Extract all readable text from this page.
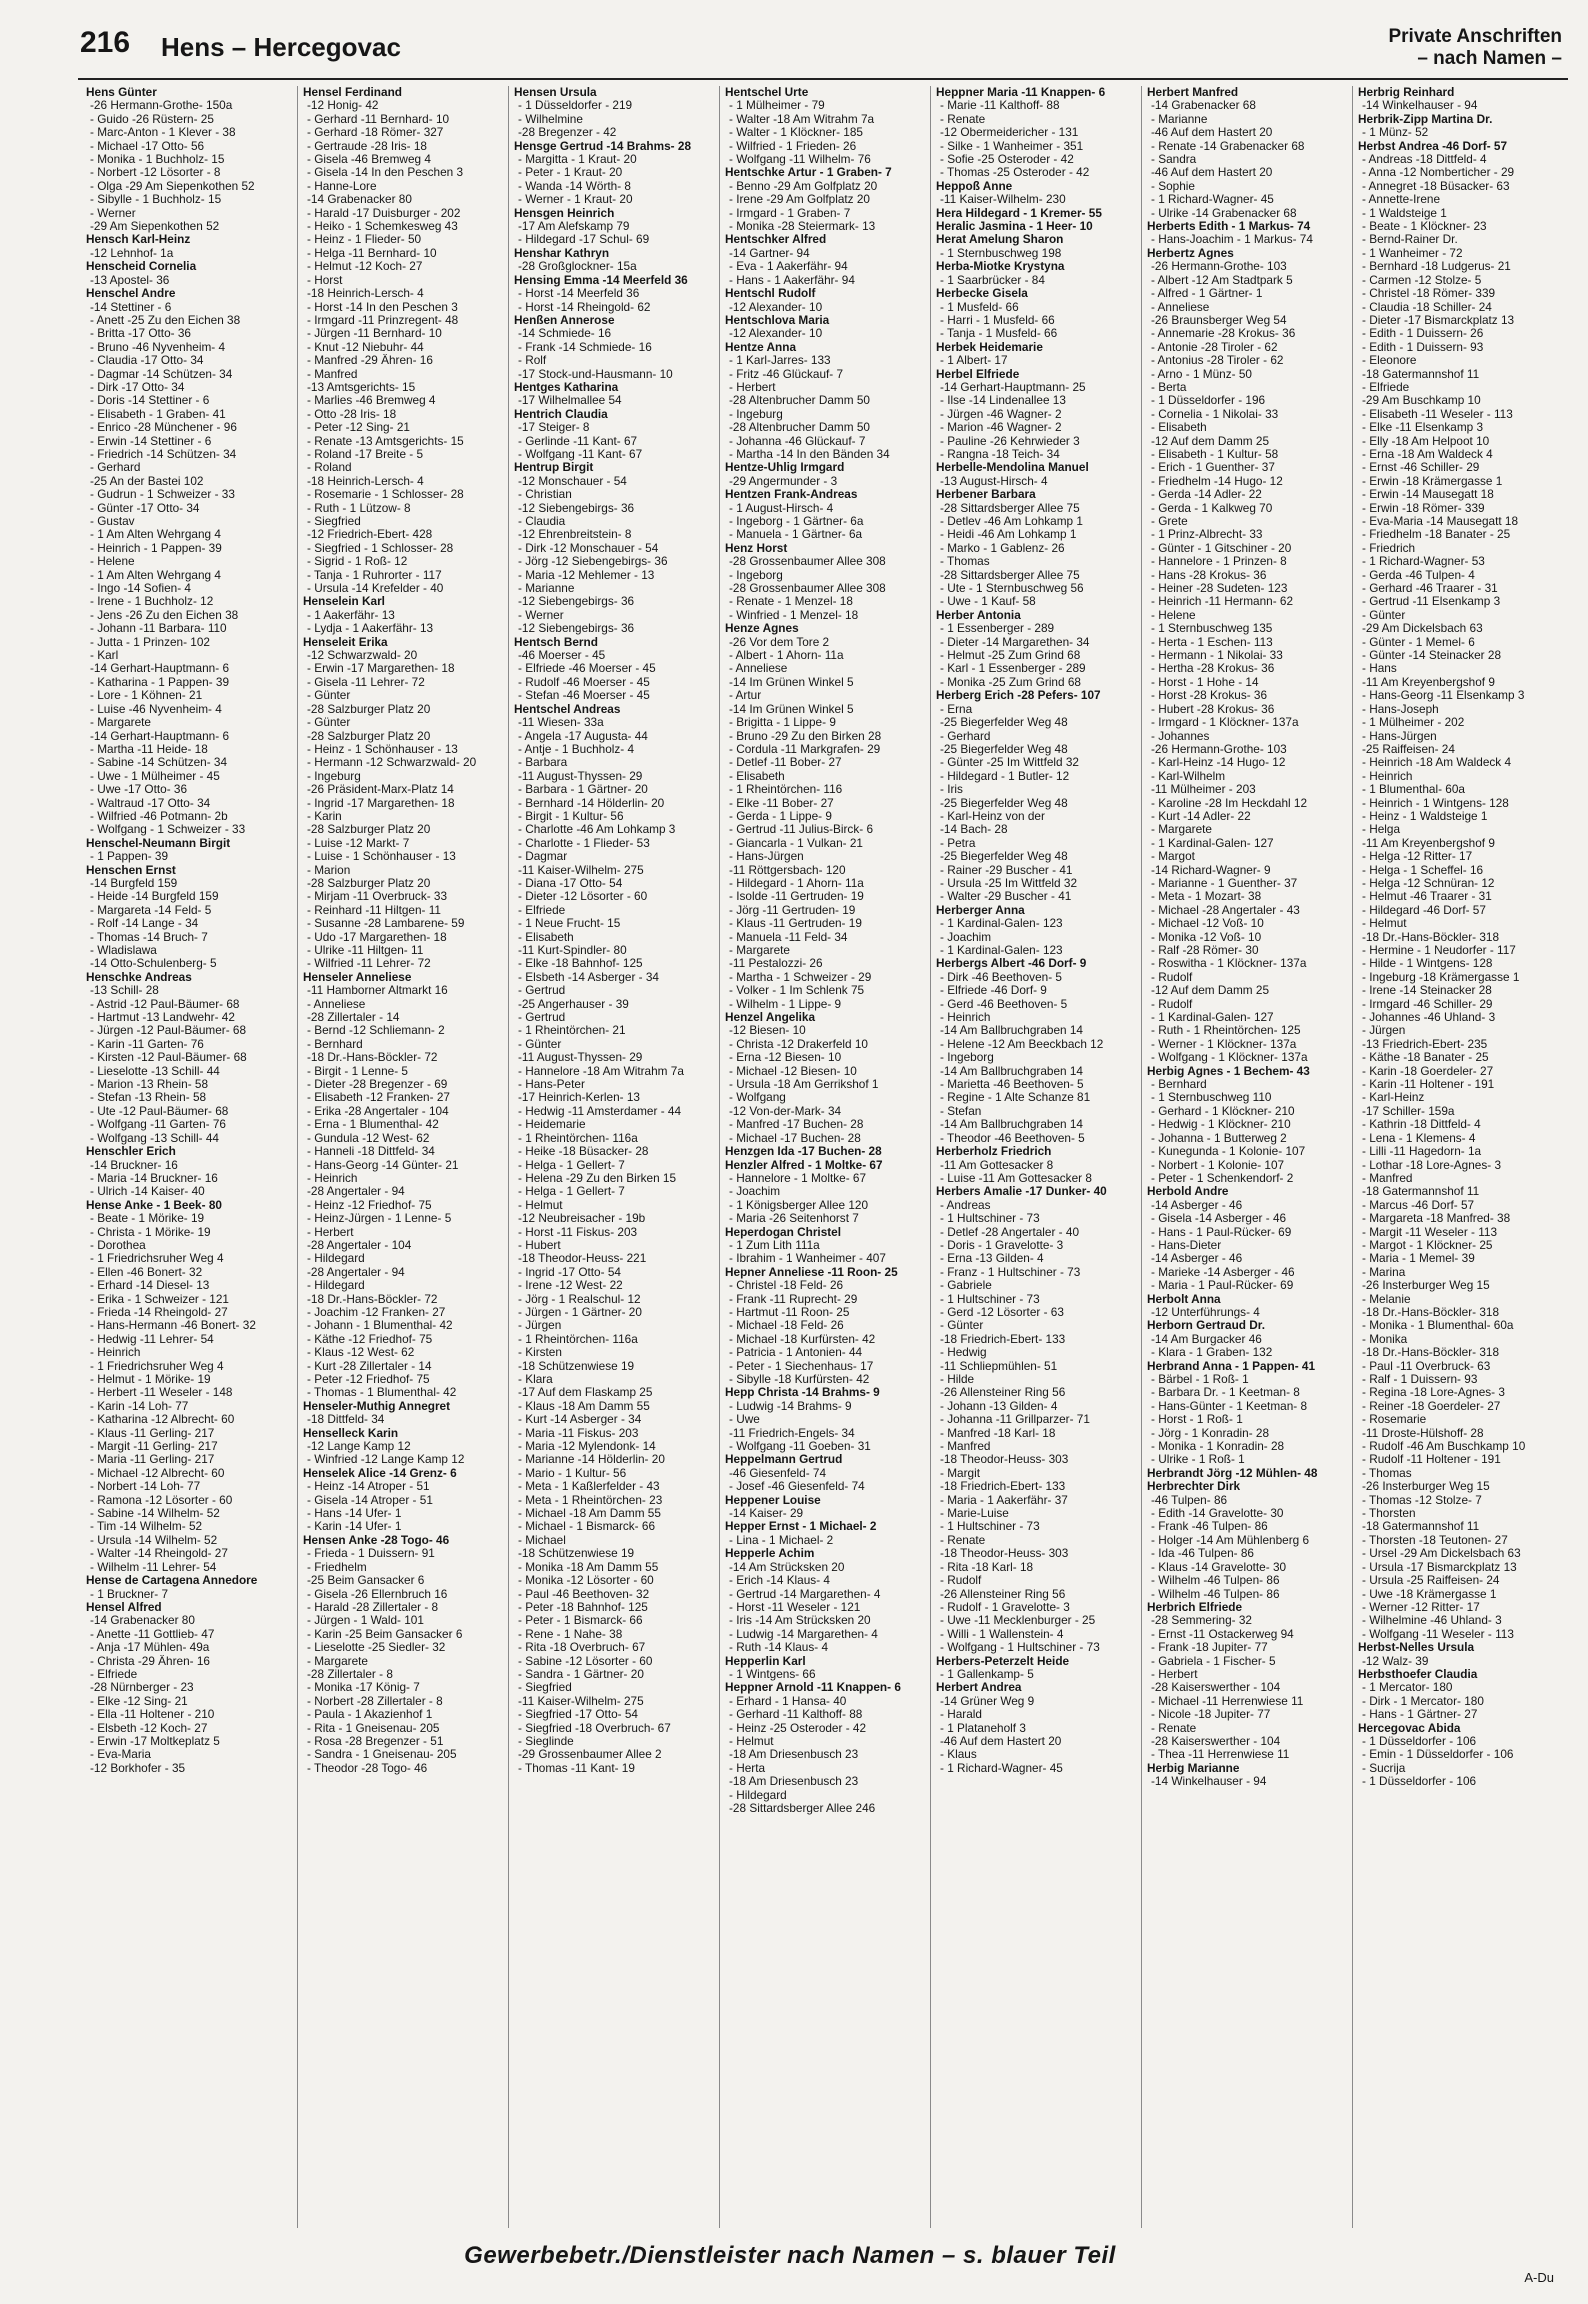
216 Hens – Hercegovac	Private Anschriften
– nach Namen –
Hens Günter
-26 Hermann-Grothe- 150a
- Guido -26 Rüstern- 25
- Marc-Anton - 1 Klever - 38
- Michael -17 Otto- 56
- Monika - 1 Buchholz- 15
- Norbert -12 Lösorter - 8
- Olga -29 Am Siepenkothen 52
- Sibylle - 1 Buchholz- 15
- Werner
-29 Am Siepenkothen 52
Hensch Karl-Heinz
-12 Lehnhof- 1a
Henscheid Cornelia
-13 Apostel- 36
Henschel Andre
-14 Stettiner - 6
- Anett -25 Zu den Eichen 38
- Britta -17 Otto- 36
- Bruno -46 Nyvenheim- 4
- Claudia -17 Otto- 34
- Dagmar -14 Schützen- 34
- Dirk -17 Otto- 34
- Doris -14 Stettiner - 6
- Elisabeth - 1 Graben- 41
- Enrico -28 Münchener - 96
- Erwin -14 Stettiner - 6
- Friedrich -14 Schützen- 34
- Gerhard
-25 An der Bastei 102
- Gudrun - 1 Schweizer - 33
- Günter -17 Otto- 34
- Gustav
- 1 Am Alten Wehrgang 4
- Heinrich - 1 Pappen- 39
- Helene
- 1 Am Alten Wehrgang 4
- Ingo -14 Sofien- 4
- Irene - 1 Buchholz- 12
- Jens -26 Zu den Eichen 38
- Johann -11 Barbara- 110
- Jutta - 1 Prinzen- 102
- Karl
-14 Gerhart-Hauptmann- 6
- Katharina - 1 Pappen- 39
- Lore - 1 Köhnen- 21
- Luise -46 Nyvenheim- 4
- Margarete
-14 Gerhart-Hauptmann- 6
- Martha -11 Heide- 18
- Sabine -14 Schützen- 34
- Uwe - 1 Mülheimer - 45
- Uwe -17 Otto- 36
- Waltraud -17 Otto- 34
- Wilfried -46 Potmann- 2b
- Wolfgang - 1 Schweizer - 33
Henschel-Neumann Birgit
- 1 Pappen- 39
Henschen Ernst
-14 Burgfeld 159
- Heide -14 Burgfeld 159
- Margareta -14 Feld- 5
- Rolf -14 Lange - 34
- Thomas -14 Bruch- 7
- Wladislawa
-14 Otto-Schulenberg- 5
Henschke Andreas
-13 Schill- 28
- Astrid -12 Paul-Bäumer- 68
- Hartmut -13 Landwehr- 42
- Jürgen -12 Paul-Bäumer- 68
- Karin -11 Garten- 76
- Kirsten -12 Paul-Bäumer- 68
- Lieselotte -13 Schill- 44
- Marion -13 Rhein- 58
- Stefan -13 Rhein- 58
- Ute -12 Paul-Bäumer- 68
- Wolfgang -11 Garten- 76
- Wolfgang -13 Schill- 44
Henschler Erich
-14 Bruckner- 16
- Maria -14 Bruckner- 16
- Ulrich -14 Kaiser- 40
Hense Anke - 1 Beek- 80
- Beate - 1 Mörike- 19
- Christa - 1 Mörike- 19
- Dorothea
- 1 Friedrichsruher Weg 4
- Ellen -46 Bonert- 32
- Erhard -14 Diesel- 13
- Erika - 1 Schweizer - 121
- Frieda -14 Rheingold- 27
- Hans-Hermann -46 Bonert- 32
- Hedwig -11 Lehrer- 54
- Heinrich
- 1 Friedrichsruher Weg 4
- Helmut - 1 Mörike- 19
- Herbert -11 Weseler - 148
- Karin -14 Loh- 77
- Katharina -12 Albrecht- 60
- Klaus -11 Gerling- 217
- Margit -11 Gerling- 217
- Maria -11 Gerling- 217
- Michael -12 Albrecht- 60
- Norbert -14 Loh- 77
- Ramona -12 Lösorter - 60
- Sabine -14 Wilhelm- 52
- Tim -14 Wilhelm- 52
- Ursula -14 Wilhelm- 52
- Walter -14 Rheingold- 27
- Wilhelm -11 Lehrer- 54
Hense de Cartagena Annedore
- 1 Bruckner- 7
Hensel Alfred
-14 Grabenacker 80
- Anette -11 Gottlieb- 47
- Anja -17 Mühlen- 49a
- Christa -29 Ähren- 16
- Elfriede
-28 Nürnberger - 23
- Elke -12 Sing- 21
- Ella -11 Holtener - 210
- Elsbeth -12 Koch- 27
- Erwin -17 Moltkeplatz 5
- Eva-Maria
-12 Borkhofer - 35
Hensel Ferdinand
-12 Honig- 42
- Gerhard -11 Bernhard- 10
- Gerhard -18 Römer- 327
- Gertraude -28 Iris- 18
- Gisela -46 Bremweg 4
- Gisela -14 In den Peschen 3
- Hanne-Lore
-14 Grabenacker 80
- Harald -17 Duisburger - 202
- Heiko - 1 Schemkesweg 43
- Heinz - 1 Flieder- 50
- Helga -11 Bernhard- 10
- Helmut -12 Koch- 27
- Horst
-18 Heinrich-Lersch- 4
- Horst -14 In den Peschen 3
- Irmgard -11 Prinzregent- 48
- Jürgen -11 Bernhard- 10
- Knut -12 Niebuhr- 44
- Manfred -29 Ähren- 16
- Manfred
-13 Amtsgerichts- 15
- Marlies -46 Bremweg 4
- Otto -28 Iris- 18
- Peter -12 Sing- 21
- Renate -13 Amtsgerichts- 15
- Roland -17 Breite - 5
- Roland
-18 Heinrich-Lersch- 4
- Rosemarie - 1 Schlosser- 28
- Ruth - 1 Lützow- 8
- Siegfried
-12 Friedrich-Ebert- 428
- Siegfried - 1 Schlosser- 28
- Sigrid - 1 Roß- 12
- Tanja - 1 Ruhrorter - 117
- Ursula -14 Krefelder - 40
Henselein Karl
- 1 Aakerfähr- 13
- Lydja - 1 Aakerfähr- 13
Henseleit Erika
-12 Schwarzwald- 20
- Erwin -17 Margarethen- 18
- Gisela -11 Lehrer- 72
- Günter
-28 Salzburger Platz 20
- Günter
-28 Salzburger Platz 20
- Heinz - 1 Schönhauser - 13
- Hermann -12 Schwarzwald- 20
- Ingeburg
-26 Präsident-Marx-Platz 14
- Ingrid -17 Margarethen- 18
- Karin
-28 Salzburger Platz 20
- Luise -12 Markt- 7
- Luise - 1 Schönhauser - 13
- Marion
-28 Salzburger Platz 20
- Mirjam -11 Overbruck- 33
- Reinhard -11 Hiltgen- 11
- Susanne -28 Lambarene- 59
- Udo -17 Margarethen- 18
- Ulrike -11 Hiltgen- 11
- Wilfried -11 Lehrer- 72
Henseler Anneliese
-11 Hamborner Altmarkt 16
- Anneliese
-28 Zillertaler - 14
- Bernd -12 Schliemann- 2
- Bernhard
-18 Dr.-Hans-Böckler- 72
- Birgit - 1 Lenne- 5
- Dieter -28 Bregenzer - 69
- Elisabeth -12 Franken- 27
- Erika -28 Angertaler - 104
- Erna - 1 Blumenthal- 42
- Gundula -12 West- 62
- Hanneli -18 Dittfeld- 34
- Hans-Georg -14 Günter- 21
- Heinrich
-28 Angertaler - 94
- Heinz -12 Friedhof- 75
- Heinz-Jürgen - 1 Lenne- 5
- Herbert
-28 Angertaler - 104
- Hildegard
-28 Angertaler - 94
- Hildegard
-18 Dr.-Hans-Böckler- 72
- Joachim -12 Franken- 27
- Johann - 1 Blumenthal- 42
- Käthe -12 Friedhof- 75
- Klaus -12 West- 62
- Kurt -28 Zillertaler - 14
- Peter -12 Friedhof- 75
- Thomas - 1 Blumenthal- 42
Henseler-Muthig Annegret
-18 Dittfeld- 34
Henselleck Karin
-12 Lange Kamp 12
- Winfried -12 Lange Kamp 12
Henselek Alice -14 Grenz- 6
- Heinz -14 Atroper - 51
- Gisela -14 Atroper - 51
- Hans -14 Ufer- 1
- Karin -14 Ufer- 1
Hensen Anke -28 Togo- 46
- Frieda - 1 Duissern- 91
- Friedhelm
-25 Beim Gansacker 6
- Gisela -26 Ellernbruch 16
- Harald -28 Zillertaler - 8
- Jürgen - 1 Wald- 101
- Karin -25 Beim Gansacker 6
- Lieselotte -25 Siedler- 32
- Margarete
-28 Zillertaler - 8
- Monika -17 König- 7
- Norbert -28 Zillertaler - 8
- Paula - 1 Akazienhof 1
- Rita - 1 Gneisenau- 205
- Rosa -28 Bregenzer - 51
- Sandra - 1 Gneisenau- 205
- Theodor -28 Togo- 46
Hensen Ursula
- 1 Düsseldorfer - 219
- Wilhelmine
-28 Bregenzer - 42
Hensge Gertrud -14 Brahms- 28
- Margitta - 1 Kraut- 20
- Peter - 1 Kraut- 20
- Wanda -14 Wörth- 8
- Werner - 1 Kraut- 20
Hensgen Heinrich
-17 Am Alefskamp 79
- Hildegard -17 Schul- 69
Henshar Kathryn
-28 Großglockner- 15a
Hensing Emma -14 Meerfeld 36
- Horst -14 Meerfeld 36
- Horst -14 Rheingold- 62
Henßen Annerose
-14 Schmiede- 16
- Frank -14 Schmiede- 16
- Rolf
-17 Stock-und-Hausmann- 10
Hentges Katharina
-17 Wilhelmallee 54
Hentrich Claudia
-17 Steiger- 8
- Gerlinde -11 Kant- 67
- Wolfgang -11 Kant- 67
Hentrup Birgit
-12 Monschauer - 54
- Christian
-12 Siebengebirgs- 36
- Claudia
-12 Ehrenbreitstein- 8
- Dirk -12 Monschauer - 54
- Jörg -12 Siebengebirgs- 36
- Maria -12 Mehlemer - 13
- Marianne
-12 Siebengebirgs- 36
- Werner
-12 Siebengebirgs- 36
Hentsch Bernd
-46 Moerser - 45
- Elfriede -46 Moerser - 45
- Rudolf -46 Moerser - 45
- Stefan -46 Moerser - 45
Hentschel Andreas
-11 Wiesen- 33a
- Angela -17 Augusta- 44
- Antje - 1 Buchholz- 4
- Barbara
-11 August-Thyssen- 29
- Barbara - 1 Gärtner- 20
- Bernhard -14 Hölderlin- 20
- Birgit - 1 Kultur- 56
- Charlotte -46 Am Lohkamp 3
- Charlotte - 1 Flieder- 53
- Dagmar
-11 Kaiser-Wilhelm- 275
- Diana -17 Otto- 54
- Dieter -12 Lösorter - 60
- Elfriede
- 1 Neue Frucht- 15
- Elisabeth
-11 Kurt-Spindler- 80
- Elke -18 Bahnhof- 125
- Elsbeth -14 Asberger - 34
- Gertrud
-25 Angerhauser - 39
- Gertrud
- 1 Rheintörchen- 21
- Günter
-11 August-Thyssen- 29
- Hannelore -18 Am Witrahm 7a
- Hans-Peter
-17 Heinrich-Kerlen- 13
- Hedwig -11 Amsterdamer - 44
- Heidemarie
- 1 Rheintörchen- 116a
- Heike -18 Büsacker- 28
- Helga - 1 Gellert- 7
- Helena -29 Zu den Birken 15
- Helga - 1 Gellert- 7
- Helmut
-12 Neubreisacher - 19b
- Horst -11 Fiskus- 203
- Hubert
-18 Theodor-Heuss- 221
- Ingrid -17 Otto- 54
- Irene -12 West- 22
- Jörg - 1 Realschul- 12
- Jürgen - 1 Gärtner- 20
- Jürgen
- 1 Rheintörchen- 116a
- Kirsten
-18 Schützenwiese 19
- Klara
-17 Auf dem Flaskamp 25
- Klaus -18 Am Damm 55
- Kurt -14 Asberger - 34
- Maria -11 Fiskus- 203
- Maria -12 Mylendonk- 14
- Marianne -14 Hölderlin- 20
- Mario - 1 Kultur- 56
- Meta - 1 Kaßlerfelder - 43
- Meta - 1 Rheintörchen- 23
- Michael -18 Am Damm 55
- Michael - 1 Bismarck- 66
- Michael
-18 Schützenwiese 19
- Monika -18 Am Damm 55
- Monika -12 Lösorter - 60
- Paul -46 Beethoven- 32
- Peter -18 Bahnhof- 125
- Peter - 1 Bismarck- 66
- Rene - 1 Nahe- 38
- Rita -18 Overbruch- 67
- Sabine -12 Lösorter - 60
- Sandra - 1 Gärtner- 20
- Siegfried
-11 Kaiser-Wilhelm- 275
- Siegfried -17 Otto- 54
- Siegfried -18 Overbruch- 67
- Sieglinde
-29 Grossenbaumer Allee 2
- Thomas -11 Kant- 19
Hentschel Urte
- 1 Mülheimer - 79
- Walter -18 Am Witrahm 7a
- Walter - 1 Klöckner- 185
- Wilfried - 1 Frieden- 26
- Wolfgang -11 Wilhelm- 76
Hentschke Artur - 1 Graben- 7
- Benno -29 Am Golfplatz 20
- Irene -29 Am Golfplatz 20
- Irmgard - 1 Graben- 7
- Monika -28 Steiermark- 13
Hentschker Alfred
-14 Gartner- 94
- Eva - 1 Aakerfähr- 94
- Hans - 1 Aakerfähr- 94
Hentschl Rudolf
-12 Alexander- 10
Hentschlova Maria
-12 Alexander- 10
Hentze Anna
- 1 Karl-Jarres- 133
- Fritz -46 Glückauf- 7
- Herbert
-28 Altenbrucher Damm 50
- Ingeburg
-28 Altenbrucher Damm 50
- Johanna -46 Glückauf- 7
- Martha -14 In den Bänden 34
Hentze-Uhlig Irmgard
-29 Angermunder - 3
Hentzen Frank-Andreas
- 1 August-Hirsch- 4
- Ingeborg - 1 Gärtner- 6a
- Manuela - 1 Gärtner- 6a
Henz Horst
-28 Grossenbaumer Allee 308
- Ingeborg
-28 Grossenbaumer Allee 308
- Renate - 1 Menzel- 18
- Winfried - 1 Menzel- 18
Henze Agnes
-26 Vor dem Tore 2
- Albert - 1 Ahorn- 11a
- Anneliese
-14 Im Grünen Winkel 5
- Artur
-14 Im Grünen Winkel 5
- Brigitta - 1 Lippe- 9
- Bruno -29 Zu den Birken 28
- Cordula -11 Markgrafen- 29
- Detlef -11 Bober- 27
- Elisabeth
- 1 Rheintörchen- 116
- Elke -11 Bober- 27
- Gerda - 1 Lippe- 9
- Gertrud -11 Julius-Birck- 6
- Giancarla - 1 Vulkan- 21
- Hans-Jürgen
-11 Röttgersbach- 120
- Hildegard - 1 Ahorn- 11a
- Isolde -11 Gertruden- 19
- Jörg -11 Gertruden- 19
- Klaus -11 Gertruden- 19
- Manuela -11 Feld- 34
- Margarete
-11 Pestalozzi- 26
- Martha - 1 Schweizer - 29
- Volker - 1 Im Schlenk 75
- Wilhelm - 1 Lippe- 9
Henzel Angelika
-12 Biesen- 10
- Christa -12 Drakerfeld 10
- Erna -12 Biesen- 10
- Michael -12 Biesen- 10
- Ursula -18 Am Gerrikshof 1
- Wolfgang
-12 Von-der-Mark- 34
- Manfred -17 Buchen- 28
- Michael -17 Buchen- 28
Henzgen Ida -17 Buchen- 28
Henzler Alfred - 1 Moltke- 67
- Hannelore - 1 Moltke- 67
- Joachim
- 1 Königsberger Allee 120
- Maria -26 Seitenhorst 7
Heperdogan Christel
- 1 Zum Lith 111a
- Ibrahim - 1 Wanheimer - 407
Hepner Anneliese -11 Roon- 25
- Christel -18 Feld- 26
- Frank -11 Ruprecht- 29
- Hartmut -11 Roon- 25
- Michael -18 Feld- 26
- Michael -18 Kurfürsten- 42
- Patricia - 1 Antonien- 44
- Peter - 1 Siechenhaus- 17
- Sibylle -18 Kurfürsten- 42
Hepp Christa -14 Brahms- 9
- Ludwig -14 Brahms- 9
- Uwe
-11 Friedrich-Engels- 34
- Wolfgang -11 Goeben- 31
Heppelmann Gertrud
-46 Giesenfeld- 74
- Josef -46 Giesenfeld- 74
Heppener Louise
-14 Kaiser- 29
Hepper Ernst - 1 Michael- 2
- Lina - 1 Michael- 2
Hepperle Achim
-14 Am Strücksken 20
- Erich -14 Klaus- 4
- Gertrud -14 Margarethen- 4
- Horst -11 Weseler - 121
- Iris -14 Am Strücksken 20
- Ludwig -14 Margarethen- 4
- Ruth -14 Klaus- 4
Hepperlin Karl
- 1 Wintgens- 66
Heppner Arnold -11 Knappen- 6
- Erhard - 1 Hansa- 40
- Gerhard -11 Kalthoff- 88
- Heinz -25 Osteroder - 42
- Helmut
-18 Am Driesenbusch 23
- Herta
-18 Am Driesenbusch 23
- Hildegard
-28 Sittardsberger Allee 246
Heppner Maria -11 Knappen- 6
- Marie -11 Kalthoff- 88
- Renate
-12 Obermeidericher - 131
- Silke - 1 Wanheimer - 351
- Sofie -25 Osteroder - 42
- Thomas -25 Osteroder - 42
Heppoß Anne
-11 Kaiser-Wilhelm- 230
Hera Hildegard - 1 Kremer- 55
Heralic Jasmina - 1 Heer- 10
Herat Amelung Sharon
- 1 Sternbuschweg 198
Herba-Miotke Krystyna
- 1 Saarbrücker - 84
Herbecke Gisela
- 1 Musfeld- 66
- Harri - 1 Musfeld- 66
- Tanja - 1 Musfeld- 66
Herbek Heidemarie
- 1 Albert- 17
Herbel Elfriede
-14 Gerhart-Hauptmann- 25
- Ilse -14 Lindenallee 13
- Jürgen -46 Wagner- 2
- Marion -46 Wagner- 2
- Pauline -26 Kehrwieder 3
- Rangna -18 Teich- 34
Herbelle-Mendolina Manuel
-13 August-Hirsch- 4
Herbener Barbara
-28 Sittardsberger Allee 75
- Detlev -46 Am Lohkamp 1
- Heidi -46 Am Lohkamp 1
- Marko - 1 Gablenz- 26
- Thomas
-28 Sittardsberger Allee 75
- Ute - 1 Sternbuschweg 56
- Uwe - 1 Kauf- 58
Herber Antonia
- 1 Essenberger - 289
- Dieter -14 Margarethen- 34
- Helmut -25 Zum Grind 68
- Karl - 1 Essenberger - 289
- Monika -25 Zum Grind 68
Herberg Erich -28 Pefers- 107
- Erna
-25 Biegerfelder Weg 48
- Gerhard
-25 Biegerfelder Weg 48
- Günter -25 Im Wittfeld 32
- Hildegard - 1 Butler- 12
- Iris
-25 Biegerfelder Weg 48
- Karl-Heinz von der
-14 Bach- 28
- Petra
-25 Biegerfelder Weg 48
- Rainer -29 Buscher - 41
- Ursula -25 Im Wittfeld 32
- Walter -29 Buscher - 41
Herberger Anna
- 1 Kardinal-Galen- 123
- Joachim
- 1 Kardinal-Galen- 123
Herbergs Albert -46 Dorf- 9
- Dirk -46 Beethoven- 5
- Elfriede -46 Dorf- 9
- Gerd -46 Beethoven- 5
- Heinrich
-14 Am Ballbruchgraben 14
- Helene -12 Am Beeckbach 12
- Ingeborg
-14 Am Ballbruchgraben 14
- Marietta -46 Beethoven- 5
- Regine - 1 Alte Schanze 81
- Stefan
-14 Am Ballbruchgraben 14
- Theodor -46 Beethoven- 5
Herberholz Friedrich
-11 Am Gottesacker 8
- Luise -11 Am Gottesacker 8
Herbers Amalie -17 Dunker- 40
- Andreas
- 1 Hultschiner - 73
- Detlef -28 Angertaler - 40
- Doris - 1 Gravelotte- 3
- Erna -13 Gilden- 4
- Franz - 1 Hultschiner - 73
- Gabriele
- 1 Hultschiner - 73
- Gerd -12 Lösorter - 63
- Günter
-18 Friedrich-Ebert- 133
- Hedwig
-11 Schliepmühlen- 51
- Hilde
-26 Allensteiner Ring 56
- Johann -13 Gilden- 4
- Johanna -11 Grillparzer- 71
- Manfred -18 Karl- 18
- Manfred
-18 Theodor-Heuss- 303
- Margit
-18 Friedrich-Ebert- 133
- Maria - 1 Aakerfähr- 37
- Marie-Luise
- 1 Hultschiner - 73
- Renate
-18 Theodor-Heuss- 303
- Rita -18 Karl- 18
- Rudolf
-26 Allensteiner Ring 56
- Rudolf - 1 Gravelotte- 3
- Uwe -11 Mecklenburger - 25
- Willi - 1 Wallenstein- 4
- Wolfgang - 1 Hultschiner - 73
Herbers-Peterzelt Heide
- 1 Gallenkamp- 5
Herbert Andrea
-14 Grüner Weg 9
- Harald
- 1 Plataneholf 3
-46 Auf dem Hastert 20
- Klaus
- 1 Richard-Wagner- 45
Herbert Manfred
-14 Grabenacker 68
- Marianne
-46 Auf dem Hastert 20
- Renate -14 Grabenacker 68
- Sandra
-46 Auf dem Hastert 20
- Sophie
- 1 Richard-Wagner- 45
- Ulrike -14 Grabenacker 68
Herberts Edith - 1 Markus- 74
- Hans-Joachim - 1 Markus- 74
Herbertz Agnes
-26 Hermann-Grothe- 103
- Albert -12 Am Stadtpark 5
- Alfred - 1 Gärtner- 1
- Anneliese
-26 Braunsberger Weg 54
- Annemarie -28 Krokus- 36
- Antonie -28 Tiroler - 62
- Antonius -28 Tiroler - 62
- Arno - 1 Münz- 50
- Berta
- 1 Düsseldorfer - 196
- Cornelia - 1 Nikolai- 33
- Elisabeth
-12 Auf dem Damm 25
- Elisabeth - 1 Kultur- 58
- Erich - 1 Guenther- 37
- Friedhelm -14 Hugo- 12
- Gerda -14 Adler- 22
- Gerda - 1 Kalkweg 70
- Grete
- 1 Prinz-Albrecht- 33
- Günter - 1 Gitschiner - 20
- Hannelore - 1 Prinzen- 8
- Hans -28 Krokus- 36
- Heiner -28 Sudeten- 123
- Heinrich -11 Hermann- 62
- Helene
- 1 Sternbuschweg 135
- Herta - 1 Eschen- 113
- Hermann - 1 Nikolai- 33
- Hertha -28 Krokus- 36
- Horst - 1 Hohe - 14
- Horst -28 Krokus- 36
- Hubert -28 Krokus- 36
- Irmgard - 1 Klöckner- 137a
- Johannes
-26 Hermann-Grothe- 103
- Karl-Heinz -14 Hugo- 12
- Karl-Wilhelm
-11 Mülheimer - 203
- Karoline -28 Im Heckdahl 12
- Kurt -14 Adler- 22
- Margarete
- 1 Kardinal-Galen- 127
- Margot
-14 Richard-Wagner- 9
- Marianne - 1 Guenther- 37
- Meta - 1 Mozart- 38
- Michael -28 Angertaler - 43
- Michael -12 Voß- 10
- Monika -12 Voß- 10
- Ralf -28 Römer- 30
- Roswitha - 1 Klöckner- 137a
- Rudolf
-12 Auf dem Damm 25
- Rudolf
- 1 Kardinal-Galen- 127
- Ruth - 1 Rheintörchen- 125
- Werner - 1 Klöckner- 137a
- Wolfgang - 1 Klöckner- 137a
Herbig Agnes - 1 Bechem- 43
- Bernhard
- 1 Sternbuschweg 110
- Gerhard - 1 Klöckner- 210
- Hedwig - 1 Klöckner- 210
- Johanna - 1 Butterweg 2
- Kunegunda - 1 Kolonie- 107
- Norbert - 1 Kolonie- 107
- Peter - 1 Schenkendorf- 2
Herbold Andre
-14 Asberger - 46
- Gisela -14 Asberger - 46
- Hans - 1 Paul-Rücker- 69
- Hans-Dieter
-14 Asberger - 46
- Marieke -14 Asberger - 46
- Maria - 1 Paul-Rücker- 69
Herbolt Anna
-12 Unterführungs- 4
Herborn Gertraud Dr.
-14 Am Burgacker 46
- Klara - 1 Graben- 132
Herbrand Anna - 1 Pappen- 41
- Bärbel - 1 Roß- 1
- Barbara Dr. - 1 Keetman- 8
- Hans-Günter - 1 Keetman- 8
- Horst - 1 Roß- 1
- Jörg - 1 Konradin- 28
- Monika - 1 Konradin- 28
- Ulrike - 1 Roß- 1
Herbrandt Jörg -12 Mühlen- 48
Herbrechter Dirk
-46 Tulpen- 86
- Edith -14 Gravelotte- 30
- Frank -46 Tulpen- 86
- Holger -14 Am Mühlenberg 6
- Ida -46 Tulpen- 86
- Klaus -14 Gravelotte- 30
- Wilhelm -46 Tulpen- 86
- Wilhelm -46 Tulpen- 86
Herbrich Elfriede
-28 Semmering- 32
- Ernst -11 Ostackerweg 94
- Frank -18 Jupiter- 77
- Gabriela - 1 Fischer- 5
- Herbert
-28 Kaiserswerther - 104
- Michael -11 Herrenwiese 11
- Nicole -18 Jupiter- 77
- Renate
-28 Kaiserswerther - 104
- Thea -11 Herrenwiese 11
Herbig Marianne
-14 Winkelhauser - 94
Herbrig Reinhard
-14 Winkelhauser - 94
Herbrik-Zipp Martina Dr.
- 1 Münz- 52
Herbst Andrea -46 Dorf- 57
- Andreas -18 Dittfeld- 4
- Anna -12 Nomberticher - 29
- Annegret -18 Büsacker- 63
- Annette-Irene
- 1 Waldsteige 1
- Beate - 1 Klöckner- 23
- Bernd-Rainer Dr.
- 1 Wanheimer - 72
- Bernhard -18 Ludgerus- 21
- Carmen -12 Stolze- 5
- Christel -18 Römer- 339
- Claudia -18 Schiller- 24
- Dieter -17 Bismarckplatz 13
- Edith - 1 Duissern- 26
- Edith - 1 Duissern- 93
- Eleonore
-18 Gatermannshof 11
- Elfriede
-29 Am Buschkamp 10
- Elisabeth -11 Weseler - 113
- Elke -11 Elsenkamp 3
- Elly -18 Am Helpoot 10
- Erna -18 Am Waldeck 4
- Ernst -46 Schiller- 29
- Erwin -18 Krämergasse 1
- Erwin -14 Mausegatt 18
- Erwin -18 Römer- 339
- Eva-Maria -14 Mausegatt 18
- Friedhelm -18 Banater - 25
- Friedrich
- 1 Richard-Wagner- 53
- Gerda -46 Tulpen- 4
- Gerhard -46 Traarer - 31
- Gertrud -11 Elsenkamp 3
- Günter
-29 Am Dickelsbach 63
- Günter - 1 Memel- 6
- Günter -14 Steinacker 28
- Hans
-11 Am Kreyenbergshof 9
- Hans-Georg -11 Elsenkamp 3
- Hans-Joseph
- 1 Mülheimer - 202
- Hans-Jürgen
-25 Raiffeisen- 24
- Heinrich -18 Am Waldeck 4
- Heinrich
- 1 Blumenthal- 60a
- Heinrich - 1 Wintgens- 128
- Heinz - 1 Waldsteige 1
- Helga
-11 Am Kreyenbergshof 9
- Helga -12 Ritter- 17
- Helga - 1 Scheffel- 16
- Helga -12 Schnüran- 12
- Helmut -46 Traarer - 31
- Hildegard -46 Dorf- 57
- Helmut
-18 Dr.-Hans-Böckler- 318
- Hermine - 1 Neudorfer - 117
- Hilde - 1 Wintgens- 128
- Ingeburg -18 Krämergasse 1
- Irene -14 Steinacker 28
- Irmgard -46 Schiller- 29
- Johannes -46 Uhland- 3
- Jürgen
-13 Friedrich-Ebert- 235
- Käthe -18 Banater - 25
- Karin -18 Goerdeler- 27
- Karin -11 Holtener - 191
- Karl-Heinz
-17 Schiller- 159a
- Kathrin -18 Dittfeld- 4
- Lena - 1 Klemens- 4
- Lilli -11 Hagedorn- 1a
- Lothar -18 Lore-Agnes- 3
- Manfred
-18 Gatermannshof 11
- Marcus -46 Dorf- 57
- Margareta -18 Manfred- 38
- Margit -11 Weseler - 113
- Margot - 1 Klöckner- 25
- Maria - 1 Memel- 39
- Marina
-26 Insterburger Weg 15
- Melanie
-18 Dr.-Hans-Böckler- 318
- Monika - 1 Blumenthal- 60a
- Monika
-18 Dr.-Hans-Böckler- 318
- Paul -11 Overbruck- 63
- Ralf - 1 Duissern- 93
- Regina -18 Lore-Agnes- 3
- Reiner -18 Goerdeler- 27
- Rosemarie
-11 Droste-Hülshoff- 28
- Rudolf -46 Am Buschkamp 10
- Rudolf -11 Holtener - 191
- Thomas
-26 Insterburger Weg 15
- Thomas -12 Stolze- 7
- Thorsten
-18 Gatermannshof 11
- Thorsten -18 Teutonen- 27
- Ursel -29 Am Dickelsbach 63
- Ursula -17 Bismarckplatz 13
- Ursula -25 Raiffeisen- 24
- Uwe -18 Krämergasse 1
- Werner -12 Ritter- 17
- Wilhelmine -46 Uhland- 3
- Wolfgang -11 Weseler - 113
Herbst-Nelles Ursula
-12 Walz- 39
Herbsthoefer Claudia
- 1 Mercator- 180
- Dirk - 1 Mercator- 180
- Hans - 1 Gärtner- 27
Hercegovac Abida
- 1 Düsseldorfer - 106
- Emin - 1 Düsseldorfer - 106
- Sucrija
- 1 Düsseldorfer - 106
Gewerbebetr./Dienstleister nach Namen – s. blauer Teil
A-Du
